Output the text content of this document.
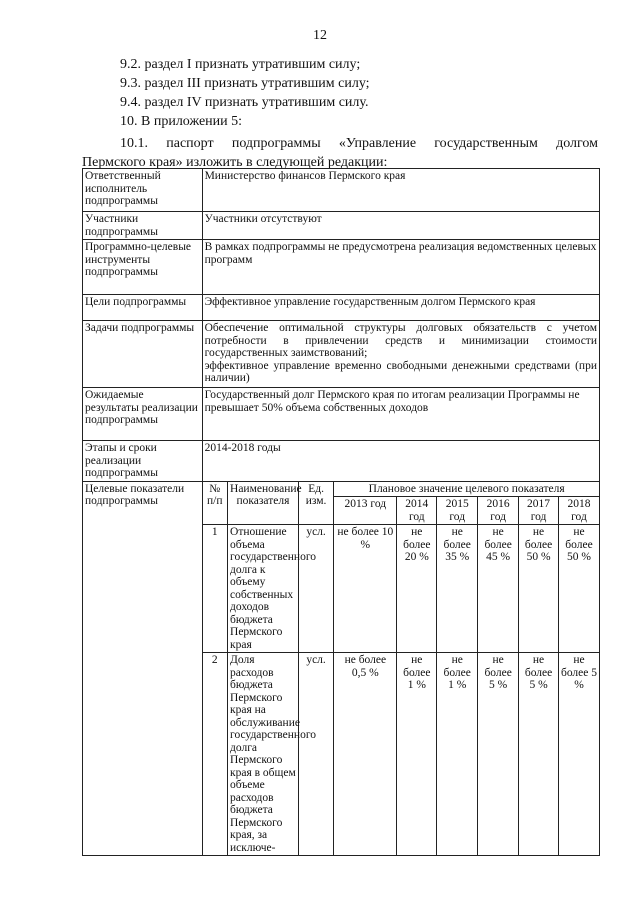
12
9.2. раздел I признать утратившим силу;
9.3. раздел III признать утратившим силу;
9.4. раздел IV признать утратившим силу.
10. В приложении 5:
10.1. паспорт подпрограммы «Управление государственным долгом
Пермского края» изложить в следующей редакции:
Ответственный исполнитель подпрограммы	Министерство финансов Пермского края								
Участники подпрограммы	Участники отсутствуют								
Программно-целевые инструменты подпрограммы	В рамках подпрограммы не предусмотрена реализация ведомственных целевых программ								
Цели подпрограммы	Эффективное управление государственным долгом Пермского края								
Задачи подпрограммы	Обеспечение оптимальной структуры долговых обязательств с учетом потребности в привлечении средств и минимизации стоимости государственных заимствований;
эффективное управление временно свободными денежными средствами (при наличии)								

Ожидаемые результаты реализации подпрограммы	Государственный долг Пермского края по итогам реализации Программы не превышает 50% объема собственных доходов								
Этапы и сроки реализации подпрограммы	2014-2018 годы								
Целевые показатели подпрограммы	№ п/п	Наименование показателя	Ед. изм.	Плановое значение целевого показателя					
				2013 год	2014 год	2015 год	2016 год	2017 год	2018 год
	1	Отношение объема государственного долга к объему собственных доходов бюджета Пермского края	усл.	не более 10 %	не более 20 %	не более 35 %	не более 45 %	не более 50 %	не более 50 %
	2	Доля расходов бюджета Пермского края на обслуживание государственного долга Пермского края в общем объеме расходов бюджета Пермского края, за исключе-	усл.	не более 0,5 %	не более 1 %	не более 1 %	не более 5 %	не более 5 %	не более 5 %
